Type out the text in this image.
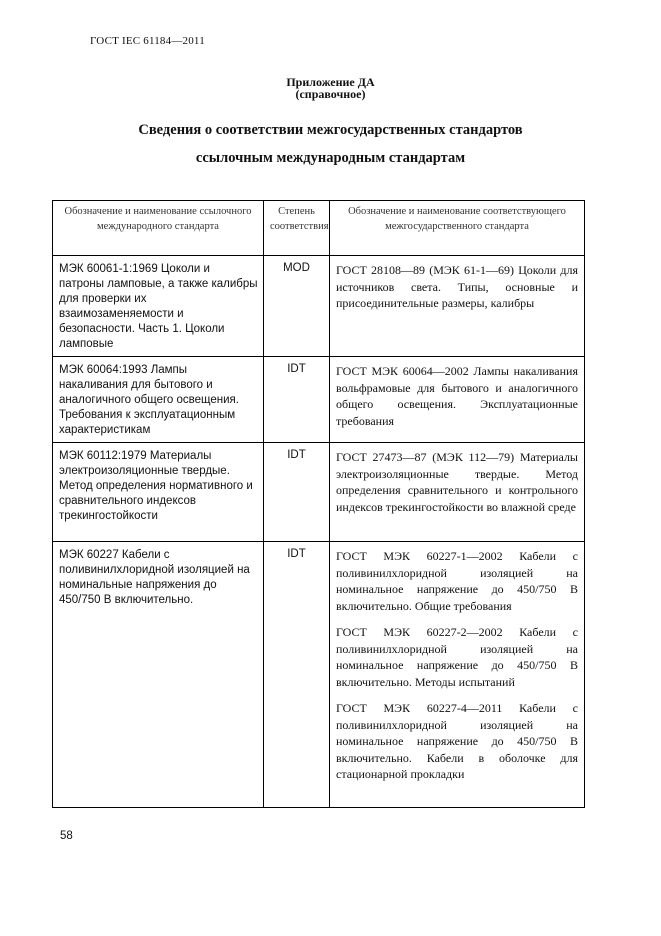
ГОСТ IEC 61184—2011
Приложение ДА
(справочное)
Сведения о соответствии межгосударственных стандартов
ссылочным международным стандартам
Обозначение и наименование ссылочного международного стандарта	Степень соответствия	Обозначение и наименование соответствующего межгосударственного стандарта
МЭК 60061-1:1969 Цоколи и патроны ламповые, а также калибры для проверки их взаимозаменяемости и безопасности. Часть 1. Цоколи ламповые	MOD	ГОСТ 28108—89 (МЭК 61-1—69) Цоколи для источников света. Типы, основные и присоединительные размеры, калибры

МЭК 60064:1993 Лампы накаливания для бытового и аналогичного общего освещения. Требования к эксплуатационным характеристикам	IDT	ГОСТ МЭК 60064—2002 Лампы накаливания вольфрамовые для бытового и аналогичного общего освещения. Эксплуатационные требования

МЭК 60112:1979 Материалы электроизоляционные твердые. Метод определения нормативного и сравнительного индексов трекингостойкости	IDT	ГОСТ 27473—87 (МЭК 112—79) Материалы электроизоляционные твердые. Метод определения сравнительного и контрольного индексов трекингостойкости во влажной среде

МЭК 60227 Кабели с поливинилхлоридной изоляцией на номинальные напряжения до 450/750 В включительно.	IDT	ГОСТ МЭК 60227-1—2002 Кабели с поливинилхлоридной изоляцией на номинальное напряжение до 450/750 В включительно. Общие требования

ГОСТ МЭК 60227-2—2002 Кабели с поливинилхлоридной изоляцией на номинальное напряжение до 450/750 В включительно. Методы испытаний

ГОСТ МЭК 60227-4—2011 Кабели с поливинилхлоридной изоляцией на номинальное напряжение до 450/750 В включительно. Кабели в оболочке для стационарной прокладки

58
